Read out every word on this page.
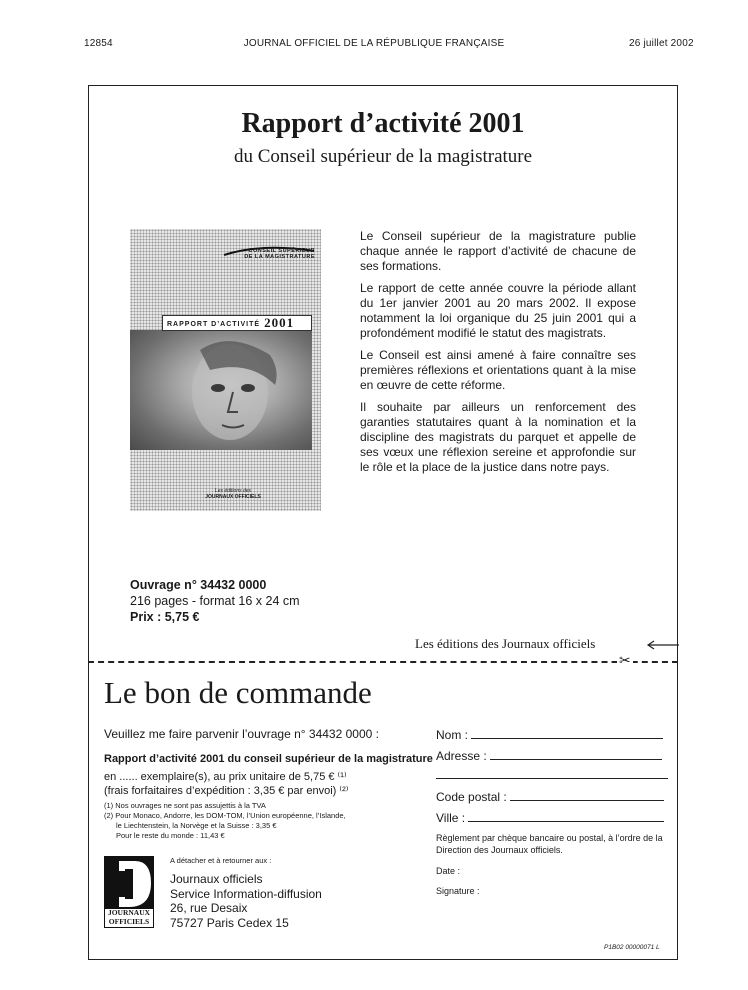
12854	JOURNAL OFFICIEL DE LA RÉPUBLIQUE FRANÇAISE	26 juillet 2002
Rapport d’activité 2001
du Conseil supérieur de la magistrature
CONSEIL SUPÉRIEUR
DE LA MAGISTRATURE
RAPPORT D’ACTIVITÉ 2001
Les éditions des
JOURNAUX OFFICIELS

Le Conseil supérieur de la magistrature publie chaque année le rapport d’activité de chacune de ses formations.

Le rapport de cette année couvre la période allant du 1er janvier 2001 au 20 mars 2002. Il expose notamment la loi organique du 25 juin 2001 qui a profondément modifié le statut des magistrats.

Le Conseil est ainsi amené à faire connaître ses premières réflexions et orientations quant à la mise en œuvre de cette réforme.

Il souhaite par ailleurs un renforcement des garanties statutaires quant à la nomination et la discipline des magistrats du parquet et appelle de ses vœux une réflexion sereine et approfondie sur le rôle et la place de la justice dans notre pays.

Ouvrage n° 34432 0000
216 pages - format 16 x 24 cm
Prix : 5,75 €
Les éditions des Journaux officiels
✂
Le bon de commande
Veuillez me faire parvenir l’ouvrage n° 34432 0000 :
Rapport d’activité 2001 du conseil supérieur de la magistrature
en ...... exemplaire(s), au prix unitaire de 5,75 € ⁽¹⁾
(frais forfaitaires d’expédition : 3,35 € par envoi) ⁽²⁾
(1) Nos ouvrages ne sont pas assujettis à la TVA
(2) Pour Monaco, Andorre, les DOM-TOM, l’Union européenne, l’Islande,
le Liechtenstein, la Norvège et la Suisse : 3,35 €
Pour le reste du monde : 11,43 €
JOURNAUX
OFFICIELS
A détacher et à retourner aux :
Journaux officiels
Service Information-diffusion
26, rue Desaix
75727 Paris Cedex 15
Nom :
Adresse :
Code postal :
Ville :
Règlement par chèque bancaire ou postal, à l’ordre de la Direction des Journaux officiels.
Date :
Signature :
P1B02 00000071 L
